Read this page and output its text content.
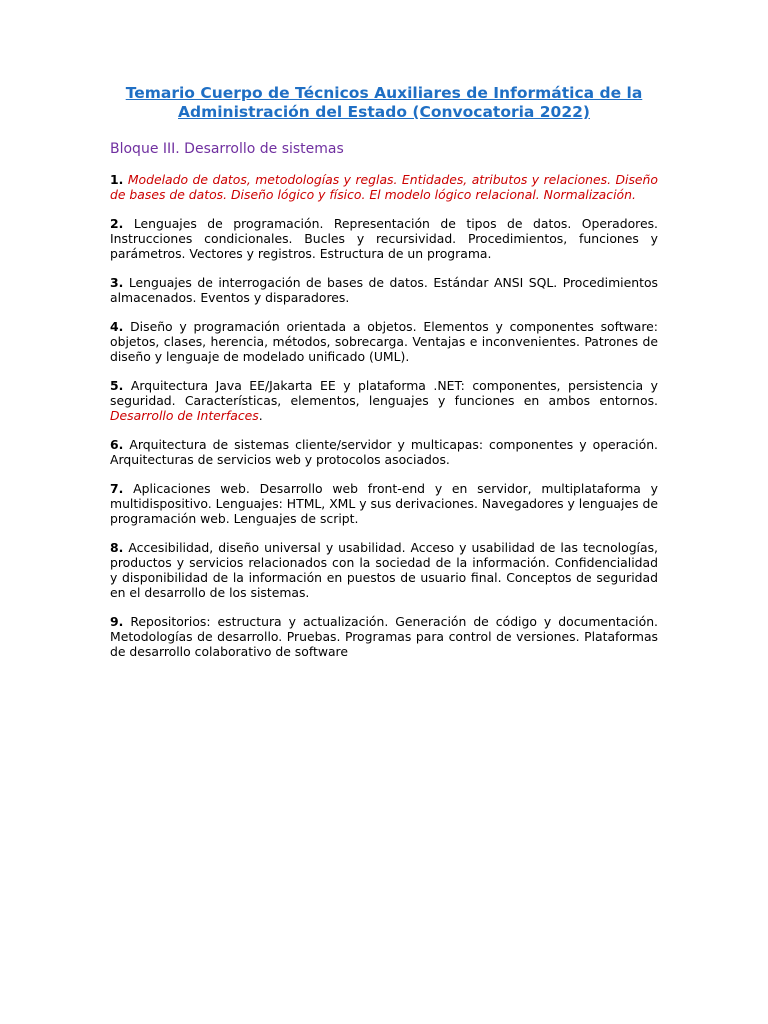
Temario Cuerpo de Técnicos Auxiliares de Informática de la
Administración del Estado (Convocatoria 2022)
Bloque III. Desarrollo de sistemas

1. Modelado de datos, metodologías y reglas. Entidades, atributos y relaciones. Diseño de bases de datos. Diseño lógico y físico. El modelo lógico relacional. Normalización.

2. Lenguajes de programación. Representación de tipos de datos. Operadores. Instrucciones condicionales. Bucles y recursividad. Procedimientos, funciones y parámetros. Vectores y registros. Estructura de un programa.

3. Lenguajes de interrogación de bases de datos. Estándar ANSI SQL. Procedimientos almacenados. Eventos y disparadores.

4. Diseño y programación orientada a objetos. Elementos y componentes software: objetos, clases, herencia, métodos, sobrecarga. Ventajas e inconvenientes. Patrones de diseño y lenguaje de modelado unificado (UML).

5. Arquitectura Java EE/Jakarta EE y plataforma .NET: componentes, persistencia y seguridad. Características, elementos, lenguajes y funciones en ambos entornos. Desarrollo de Interfaces.

6. Arquitectura de sistemas cliente/servidor y multicapas: componentes y operación. Arquitecturas de servicios web y protocolos asociados.

7. Aplicaciones web. Desarrollo web front-end y en servidor, multiplataforma y multidispositivo. Lenguajes: HTML, XML y sus derivaciones. Navegadores y lenguajes de programación web. Lenguajes de script.

8. Accesibilidad, diseño universal y usabilidad. Acceso y usabilidad de las tecnologías, productos y servicios relacionados con la sociedad de la información. Confidencialidad y disponibilidad de la información en puestos de usuario final. Conceptos de seguridad en el desarrollo de los sistemas.

9. Repositorios: estructura y actualización. Generación de código y documentación. Metodologías de desarrollo. Pruebas. Programas para control de versiones. Plataformas de desarrollo colaborativo de software
